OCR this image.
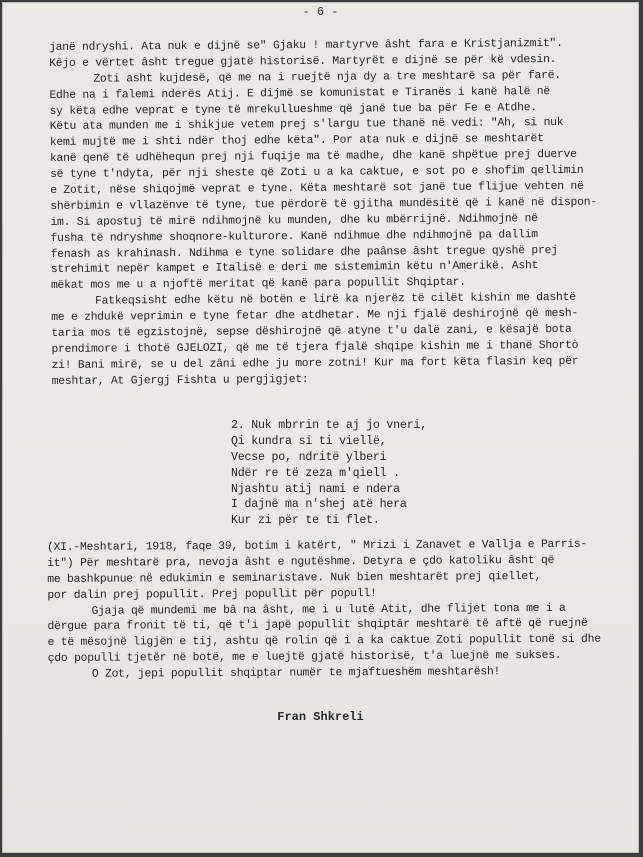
- 6 -
janë ndryshi. Ata nuk e dijnë se" Gjaku ! martyrve âsht fara e Kristjanizmit".
Kêjo e vërtet âsht tregue gjatë historisë. Martyrët e dijnë se për kë vdesin.
Zoti asht kujdesë, që me na i ruejtë nja dy a tre meshtarë sa për farë.
Edhe na i falemi nderës Atij. E dijmë se komunistat e Tiranës i kanë halë në
sy këta edhe veprat e tyne të mrekullueshme që janë tue ba për Fe e Atdhe.
Këtu ata munden me i shikjue vetem prej s'largu tue thanë në vedi: "Ah, si nuk
kemi mujtë me i shti ndër thoj edhe këta". Por ata nuk e dijnë se meshtarët
kanë qenë të udhëhequn prej nji fuqije ma të madhe, dhe kanë shpëtue prej duerve
së tyne t'ndyta, për nji sheste që Zoti u a ka caktue, e sot po e shofim qellimin
e Zotit, nëse shiqojmë veprat e tyne. Këta meshtarë sot janë tue flijue vehten në
shërbimin e vllazënve të tyne, tue përdorë të gjitha mundësitë që i kanë në dispon-
im. Si apostuj të mirë ndihmojnë ku munden, dhe ku mbërrijnë. Ndihmojnë në
fusha të ndryshme shoqnore-kulturore. Kanë ndihmue dhe ndihmojnë pa dallim
fenash as krahinash. Ndihma e tyne solidare dhe paânse âsht tregue qyshë prej
strehimit nepër kampet e Italisë e deri me sistemimin këtu n'Amerikë. Asht
mëkat mos me u a njoftë meritat që kanë para popullit Shqiptar.
Fatkeqsisht edhe këtu në botën e lirë ka njerëz të cilët kishin me dashtë
me e zhdukë veprimin e tyne fetar dhe atdhetar. Me nji fjalë deshirojnë që mesh-
taria mos të egzistojnë, sepse dëshirojnë që atyne t'u dalë zani, e kësajë bota
prendimore i thotë GJELOZI, që me të tjera fjalë shqipe kishin me i thanë Shortò
zi! Bani mirë, se u del zâni edhe ju more zotni! Kur ma fort këta flasin keq për
meshtar, At Gjergj Fishta u pergjigjet:
2. Nuk mbrrin te aj jo vneri,
Qi kundra si ti viellë,
Vecse po, ndritë ylberi
Ndër re të zeza m'qiell .
Njashtu atij nami e ndera
I dajnë ma n'shej atë hera
Kur zi për te ti flet.
(XI.-Meshtari, 1918, faqe 39, botim i katërt, " Mrizi i Zanavet e Vallja e Parris-
it") Për meshtarë pra, nevoja âsht e ngutëshme. Detyra e çdo katoliku âsht që
me bashkpunue në edukimin e seminaristave. Nuk bien meshtarët prej qiellet,
por dalin prej popullit. Prej popullit për popull!
Gjaja që mundemi me bâ na âsht, me i u lutë Atit, dhe flijet tona me i a
dërgue para fronit të ti, që t'i japë popullit shqiptâr meshtarë të aftë që ruejnë
e të mësojnë ligjën e tij, ashtu që rolin që i a ka caktue Zoti popullit tonë si dhe
çdo populli tjetër në botë, me e luejtë gjatë historisë, t'a luejnë me sukses.
O Zot, jepi popullit shqiptar numër te mjaftueshëm meshtarësh!
Fran Shkreli
